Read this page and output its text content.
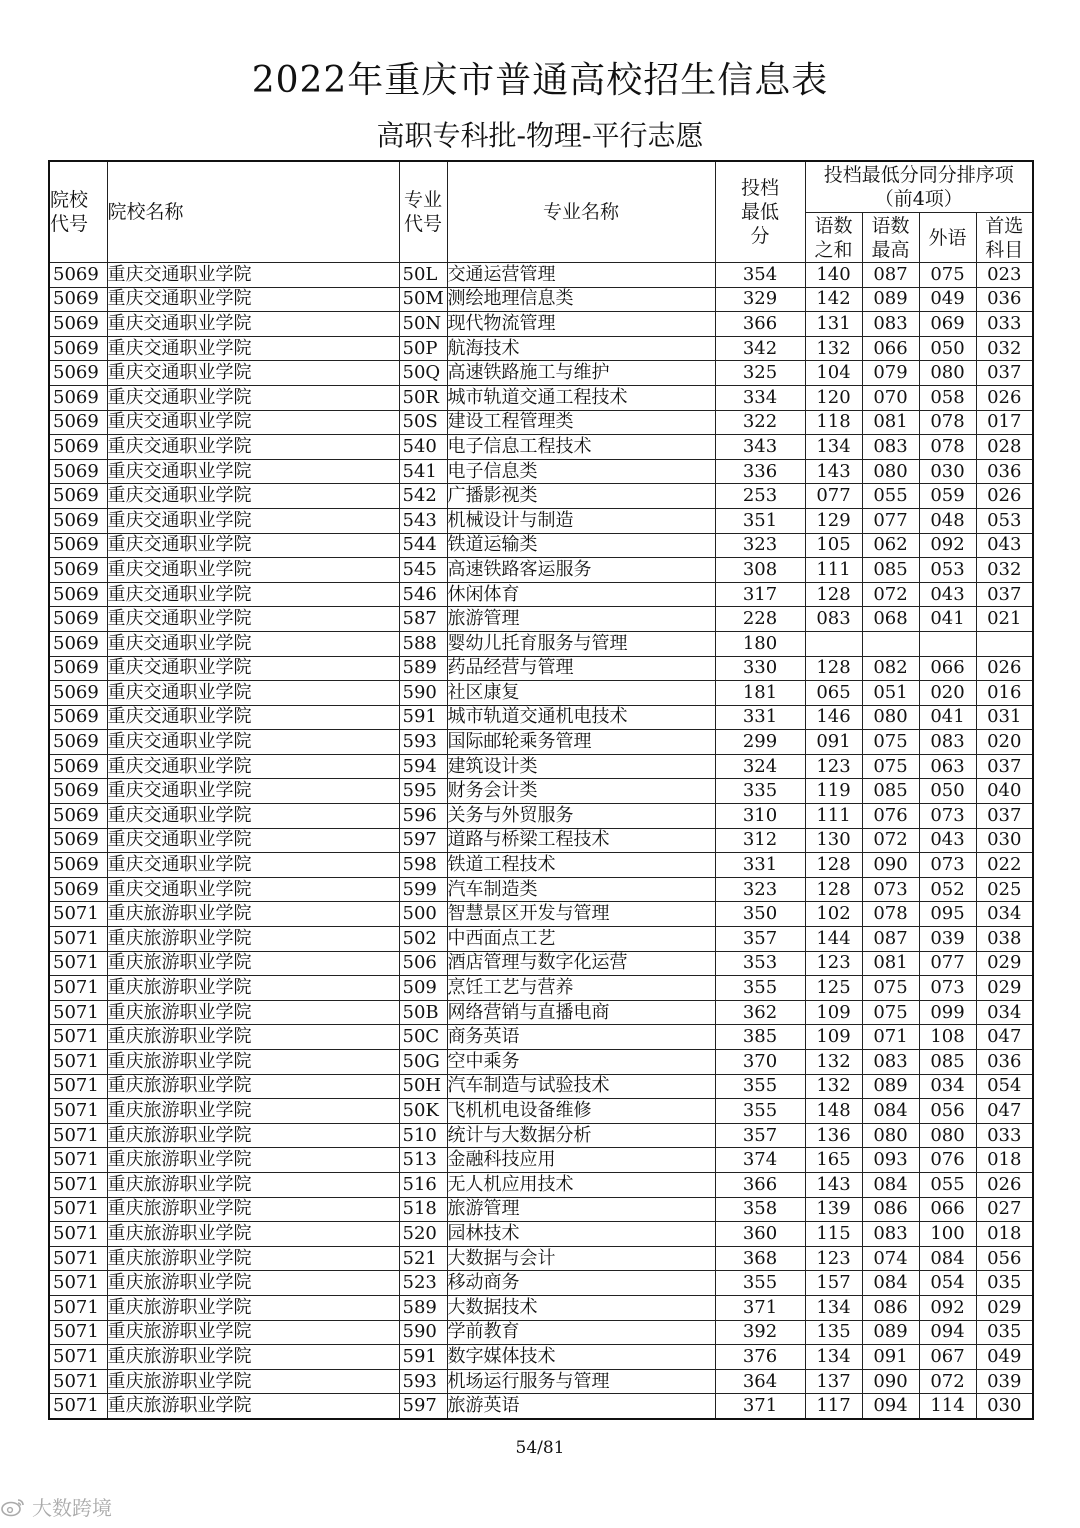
2022年重庆市普通高校招生信息表
高职专科批-物理-平行志愿
院校代号	院校名称	专业代号	专业名称	投档最低分	投档最低分同分排序项（前4项）			
					语数之和	语数最高	外语	首选科目
5069	重庆交通职业学院	50L	交通运营管理	354	140	087	075	023
5069	重庆交通职业学院	50M	测绘地理信息类	329	142	089	049	036
5069	重庆交通职业学院	50N	现代物流管理	366	131	083	069	033
5069	重庆交通职业学院	50P	航海技术	342	132	066	050	032
5069	重庆交通职业学院	50Q	高速铁路施工与维护	325	104	079	080	037
5069	重庆交通职业学院	50R	城市轨道交通工程技术	334	120	070	058	026
5069	重庆交通职业学院	50S	建设工程管理类	322	118	081	078	017
5069	重庆交通职业学院	540	电子信息工程技术	343	134	083	078	028
5069	重庆交通职业学院	541	电子信息类	336	143	080	030	036
5069	重庆交通职业学院	542	广播影视类	253	077	055	059	026
5069	重庆交通职业学院	543	机械设计与制造	351	129	077	048	053
5069	重庆交通职业学院	544	铁道运输类	323	105	062	092	043
5069	重庆交通职业学院	545	高速铁路客运服务	308	111	085	053	032
5069	重庆交通职业学院	546	休闲体育	317	128	072	043	037
5069	重庆交通职业学院	587	旅游管理	228	083	068	041	021
5069	重庆交通职业学院	588	婴幼儿托育服务与管理	180				
5069	重庆交通职业学院	589	药品经营与管理	330	128	082	066	026
5069	重庆交通职业学院	590	社区康复	181	065	051	020	016
5069	重庆交通职业学院	591	城市轨道交通机电技术	331	146	080	041	031
5069	重庆交通职业学院	593	国际邮轮乘务管理	299	091	075	083	020
5069	重庆交通职业学院	594	建筑设计类	324	123	075	063	037
5069	重庆交通职业学院	595	财务会计类	335	119	085	050	040
5069	重庆交通职业学院	596	关务与外贸服务	310	111	076	073	037
5069	重庆交通职业学院	597	道路与桥梁工程技术	312	130	072	043	030
5069	重庆交通职业学院	598	铁道工程技术	331	128	090	073	022
5069	重庆交通职业学院	599	汽车制造类	323	128	073	052	025
5071	重庆旅游职业学院	500	智慧景区开发与管理	350	102	078	095	034
5071	重庆旅游职业学院	502	中西面点工艺	357	144	087	039	038
5071	重庆旅游职业学院	506	酒店管理与数字化运营	353	123	081	077	029
5071	重庆旅游职业学院	509	烹饪工艺与营养	355	125	075	073	029
5071	重庆旅游职业学院	50B	网络营销与直播电商	362	109	075	099	034
5071	重庆旅游职业学院	50C	商务英语	385	109	071	108	047
5071	重庆旅游职业学院	50G	空中乘务	370	132	083	085	036
5071	重庆旅游职业学院	50H	汽车制造与试验技术	355	132	089	034	054
5071	重庆旅游职业学院	50K	飞机机电设备维修	355	148	084	056	047
5071	重庆旅游职业学院	510	统计与大数据分析	357	136	080	080	033
5071	重庆旅游职业学院	513	金融科技应用	374	165	093	076	018
5071	重庆旅游职业学院	516	无人机应用技术	366	143	084	055	026
5071	重庆旅游职业学院	518	旅游管理	358	139	086	066	027
5071	重庆旅游职业学院	520	园林技术	360	115	083	100	018
5071	重庆旅游职业学院	521	大数据与会计	368	123	074	084	056
5071	重庆旅游职业学院	523	移动商务	355	157	084	054	035
5071	重庆旅游职业学院	589	大数据技术	371	134	086	092	029
5071	重庆旅游职业学院	590	学前教育	392	135	089	094	035
5071	重庆旅游职业学院	591	数字媒体技术	376	134	091	067	049
5071	重庆旅游职业学院	593	机场运行服务与管理	364	137	090	072	039
5071	重庆旅游职业学院	597	旅游英语	371	117	094	114	030
54/81
大数跨境
